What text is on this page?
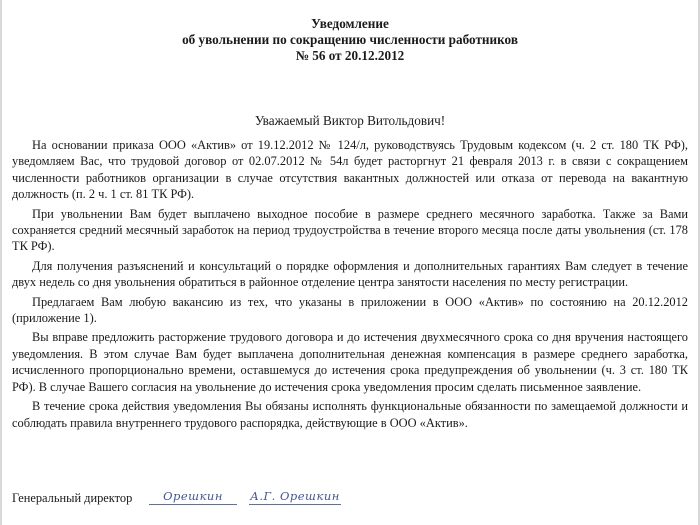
Уведомление
об увольнении по сокращению численности работников
№ 56 от 20.12.2012
Уважаемый Виктор Витольдович!

На основании приказа ООО «Актив» от 19.12.2012 № 124/л, руководствуясь Трудовым кодексом (ч. 2 ст. 180 ТК РФ), уведомляем Вас, что трудовой договор от 02.07.2012 № 54л будет расторгнут 21 февраля 2013 г. в связи с сокращением численности работников организации в случае отсутствия вакантных должностей или отказа от перевода на вакантную должность (п. 2 ч. 1 ст. 81 ТК РФ).

При увольнении Вам будет выплачено выходное пособие в размере среднего месячного заработка. Также за Вами сохраняется средний месячный заработок на период трудоустройства в течение второго месяца после даты увольнения (ст. 178 ТК РФ).

Для получения разъяснений и консультаций о порядке оформления и дополнительных гарантиях Вам следует в течение двух недель со дня увольнения обратиться в районное отделение центра занятости населения по месту регистрации.

Предлагаем Вам любую вакансию из тех, что указаны в приложении в ООО «Актив» по состоянию на 20.12.2012 (приложение 1).

Вы вправе предложить расторжение трудового договора и до истечения двухмесячного срока со дня вручения настоящего уведомления. В этом случае Вам будет выплачена дополнительная денежная компенсация в размере среднего заработка, исчисленного пропорционально времени, оставшемуся до истечения срока предупреждения об увольнении (ч. 3 ст. 180 ТК РФ). В случае Вашего согласия на увольнение до истечения срока уведомления просим сделать письменное заявление.

В течение срока действия уведомления Вы обязаны исполнять функциональные обязанности по замещаемой должности и соблюдать правила внутреннего трудового распорядка, действующие в ООО «Актив».

Генеральный директор	Орешкин	А.Г. Орешкин
